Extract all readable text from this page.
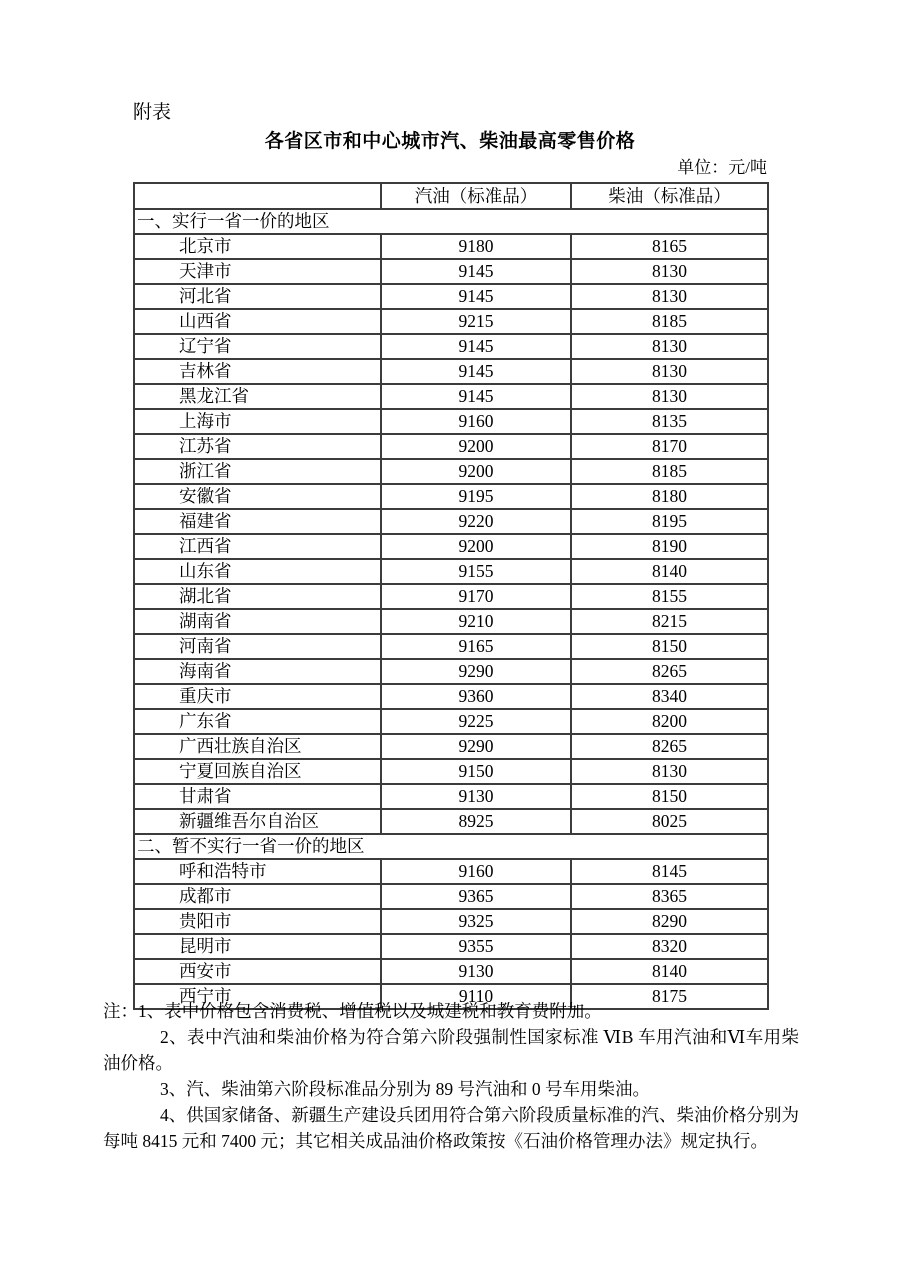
附表
各省区市和中心城市汽、柴油最高零售价格
单位：元/吨
	汽油（标准品）	柴油（标准品）
一、实行一省一价的地区		
北京市	9180	8165
天津市	9145	8130
河北省	9145	8130
山西省	9215	8185
辽宁省	9145	8130
吉林省	9145	8130
黑龙江省	9145	8130
上海市	9160	8135
江苏省	9200	8170
浙江省	9200	8185
安徽省	9195	8180
福建省	9220	8195
江西省	9200	8190
山东省	9155	8140
湖北省	9170	8155
湖南省	9210	8215
河南省	9165	8150
海南省	9290	8265
重庆市	9360	8340
广东省	9225	8200
广西壮族自治区	9290	8265
宁夏回族自治区	9150	8130
甘肃省	9130	8150
新疆维吾尔自治区	8925	8025
二、暂不实行一省一价的地区		
呼和浩特市	9160	8145
成都市	9365	8365
贵阳市	9325	8290
昆明市	9355	8320
西安市	9130	8140
西宁市	9110	8175

注：1、表中价格包含消费税、增值税以及城建税和教育费附加。

2、表中汽油和柴油价格为符合第六阶段强制性国家标准 ⅥB 车用汽油和Ⅵ车用柴油价格。

3、汽、柴油第六阶段标准品分别为 89 号汽油和 0 号车用柴油。

4、供国家储备、新疆生产建设兵团用符合第六阶段质量标准的汽、柴油价格分别为每吨 8415 元和 7400 元；其它相关成品油价格政策按《石油价格管理办法》规定执行。
